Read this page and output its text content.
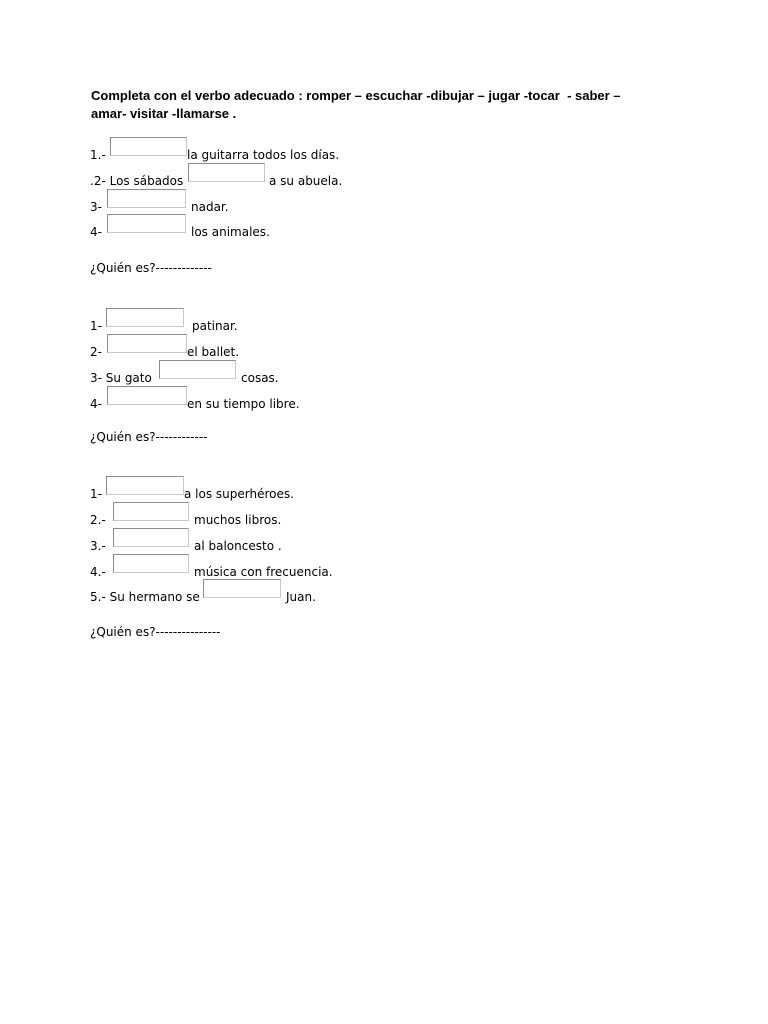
Completa con el verbo adecuado : romper – escuchar -dibujar – jugar -tocar  - saber – amar- visitar -llamarse .

1.-

	la guitarra todos los días.

.2- Los sábados

	a su abuela.

3-

	nadar.

4-

	los animales.

¿Quién es?-------------

1-

	patinar.

2-

	el ballet.

3- Su gato

	cosas.

4-

	en su tiempo libre.

¿Quién es?------------

1-

	a los superhéroes.

2.-

	muchos libros.

3.-

	al baloncesto .

4.-

	música con frecuencia.

5.- Su hermano se

	Juan.

¿Quién es?---------------
